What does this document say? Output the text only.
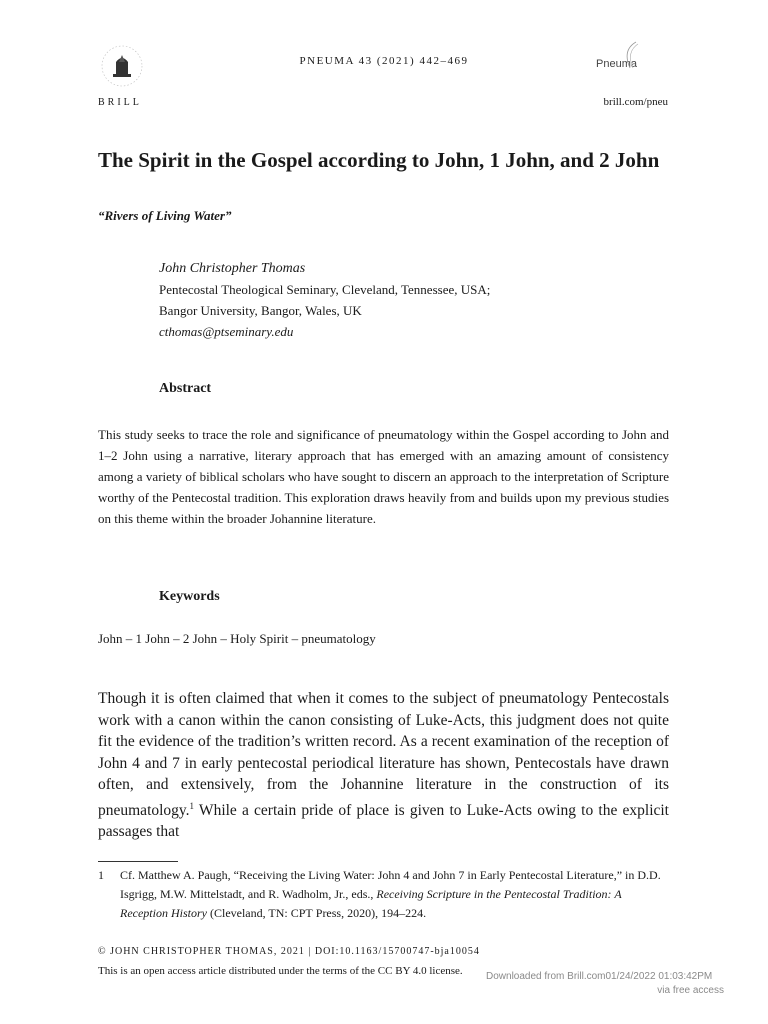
BRILL
PNEUMA 43 (2021) 442–469	Pneuma
brill.com/pneu
The Spirit in the Gospel according to John, 1 John, and 2 John
“Rivers of Living Water”
John Christopher Thomas
Pentecostal Theological Seminary, Cleveland, Tennessee, USA;
Bangor University, Bangor, Wales, UK
cthomas@ptseminary.edu
Abstract
This study seeks to trace the role and significance of pneumatology within the Gospel according to John and 1–2 John using a narrative, literary approach that has emerged with an amazing amount of consistency among a variety of biblical scholars who have sought to discern an approach to the interpretation of Scripture worthy of the Pentecostal tradition. This exploration draws heavily from and builds upon my previous studies on this theme within the broader Johannine literature.
Keywords
John – 1 John – 2 John – Holy Spirit – pneumatology
Though it is often claimed that when it comes to the subject of pneumatology Pentecostals work with a canon within the canon consisting of Luke-Acts, this judgment does not quite fit the evidence of the tradition’s written record. As a recent examination of the reception of John 4 and 7 in early pentecostal periodical literature has shown, Pentecostals have drawn often, and extensively, from the Johannine literature in the construction of its pneumatology.$^1$ While a certain pride of place is given to Luke-Acts owing to the explicit passages that
1 Cf. Matthew A. Paugh, “Receiving the Living Water: John 4 and John 7 in Early Pentecostal Literature,” in D.D. Isgrigg, M.W. Mittelstadt, and R. Wadholm, Jr., eds., Receiving Scripture in the Pentecostal Tradition: A Reception History (Cleveland, TN: CPT Press, 2020), 194–224.
© JOHN CHRISTOPHER THOMAS, 2021 | DOI:10.1163/15700747-bja10054
This is an open access article distributed under the terms of the CC BY 4.0 license. Downloaded from Brill.com01/24/2022 01:03:42PM
via free access
